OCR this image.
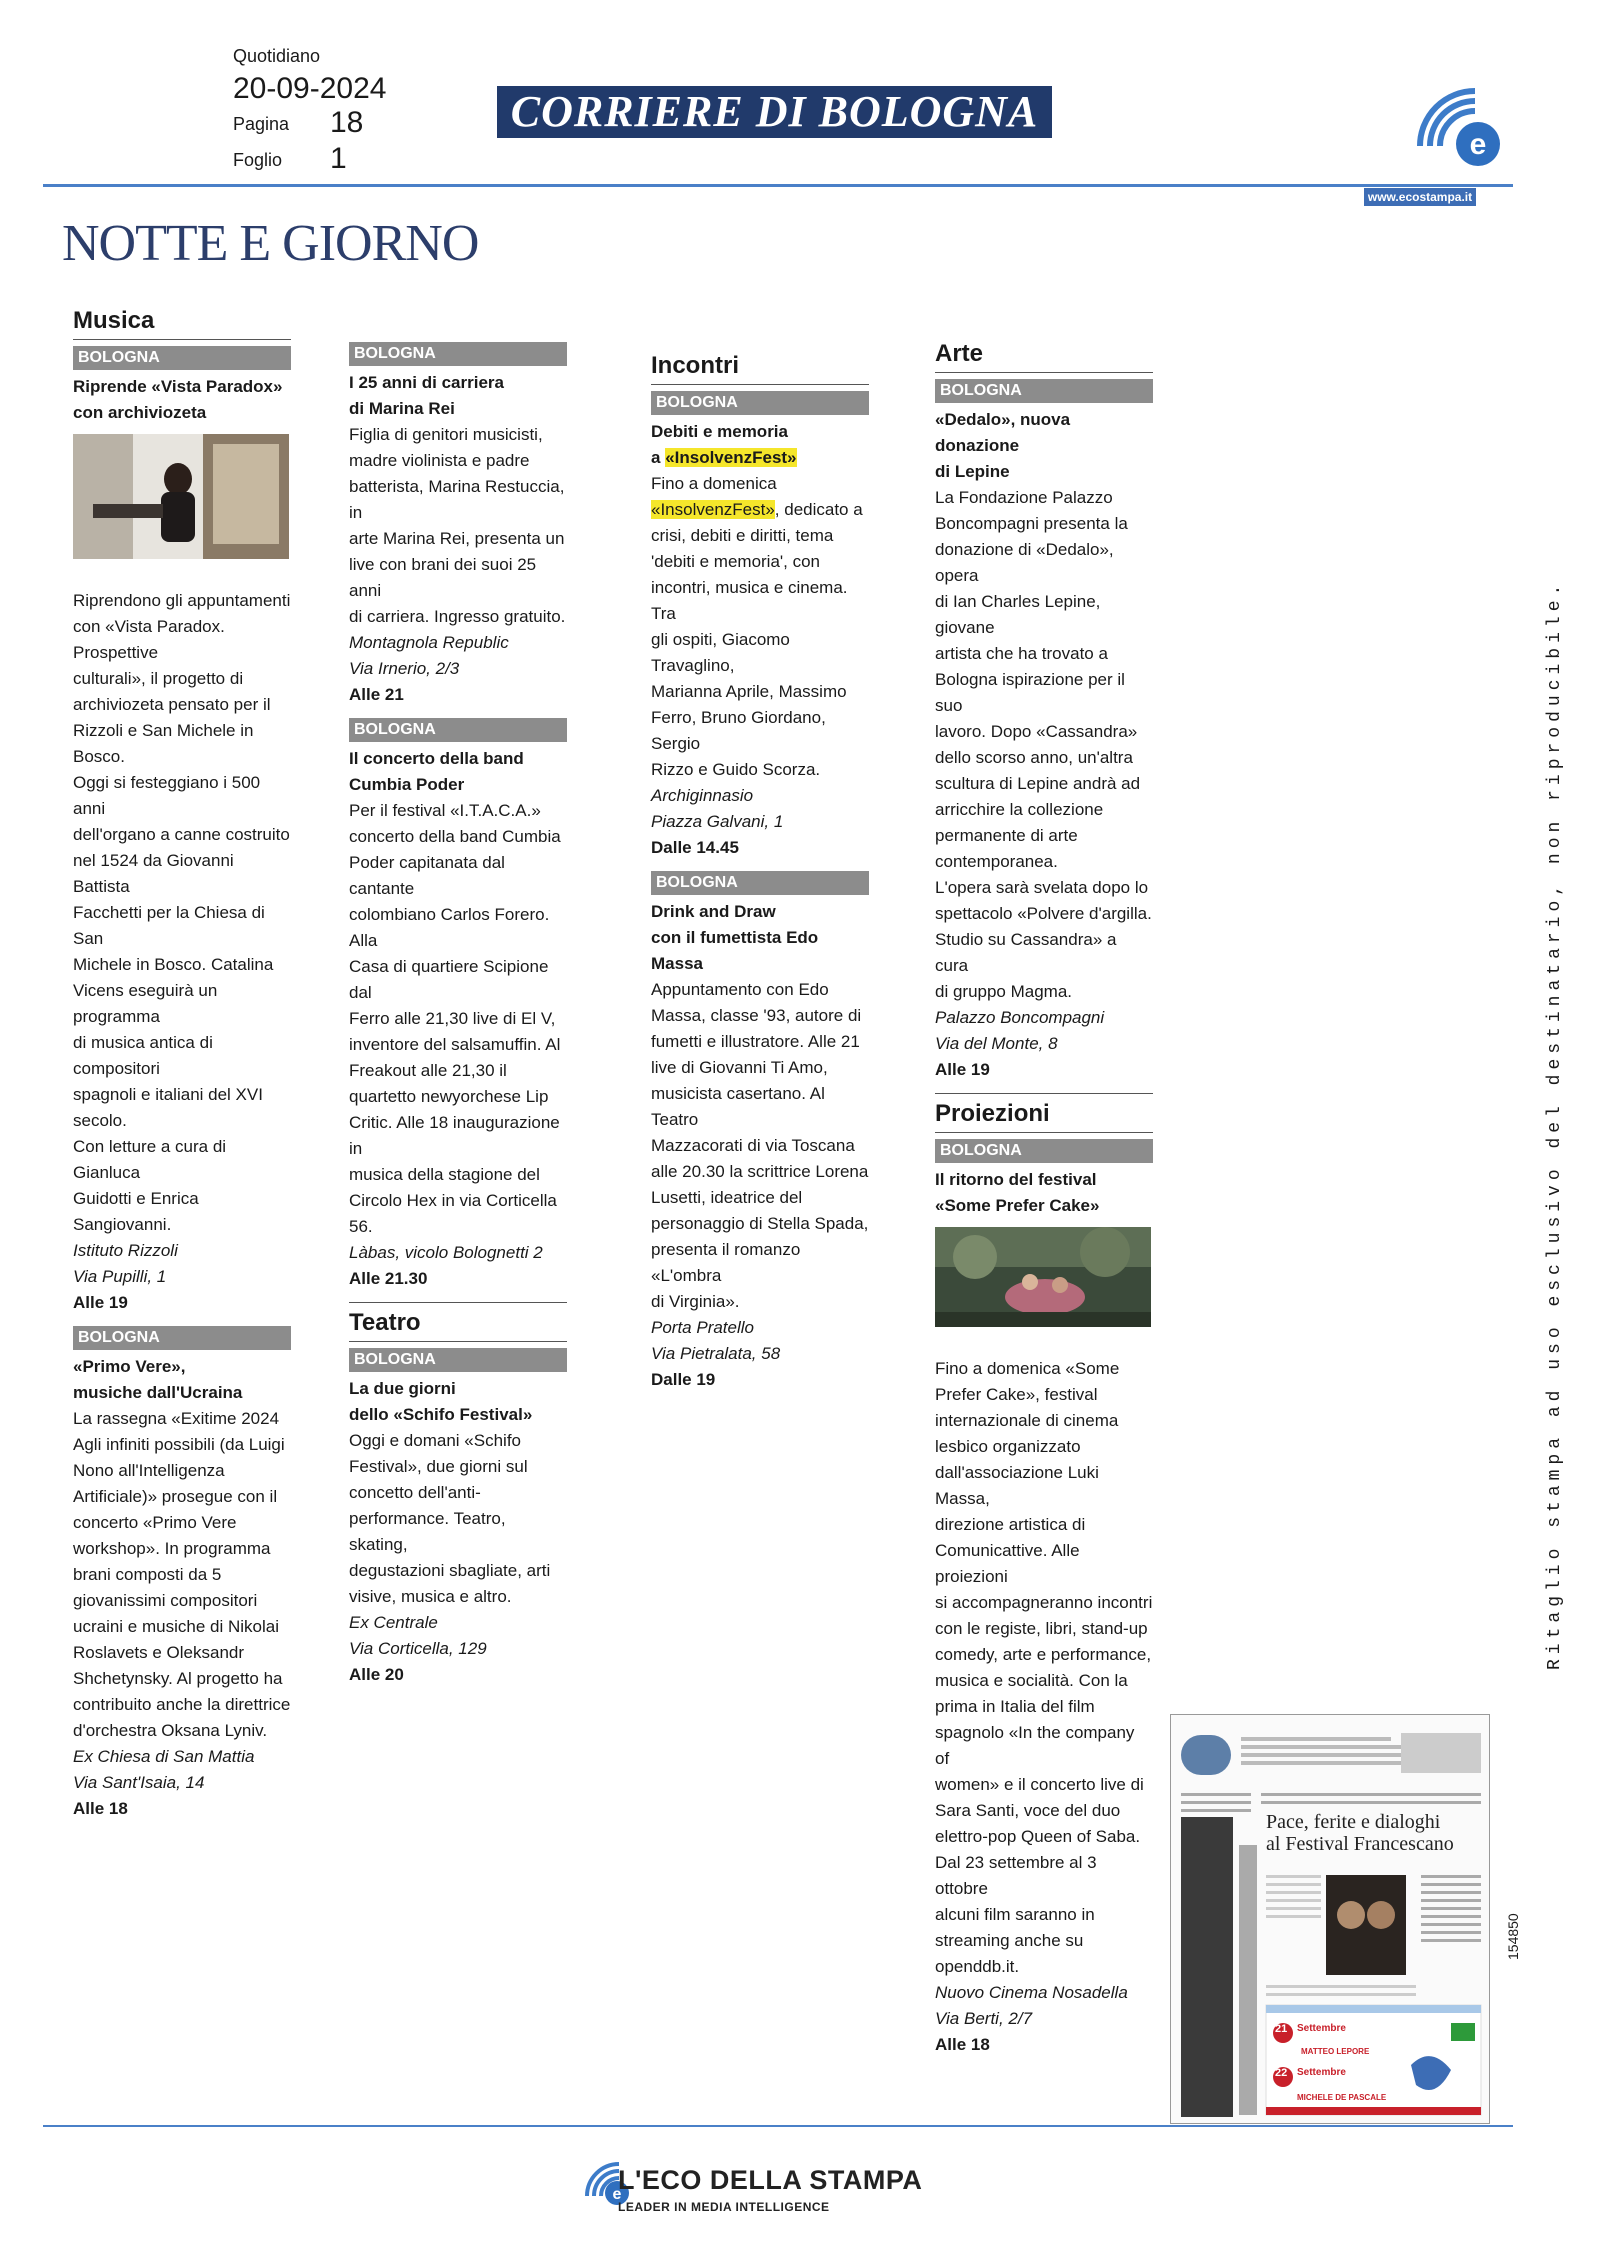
Quotidiano
20-09-2024
Pagina 18
Foglio 1
CORRIERE DI BOLOGNA
e
www.ecostampa.it
NOTTE E GIORNO
Musica
BOLOGNA
Riprende «Vista Paradox»
con archiviozeta
Riprendono gli appuntamenti
con «Vista Paradox. Prospettive
culturali», il progetto di
archiviozeta pensato per il
Rizzoli e San Michele in Bosco.
Oggi si festeggiano i 500 anni
dell'organo a canne costruito
nel 1524 da Giovanni Battista
Facchetti per la Chiesa di San
Michele in Bosco. Catalina
Vicens eseguirà un programma
di musica antica di compositori
spagnoli e italiani del XVI secolo.
Con letture a cura di Gianluca
Guidotti e Enrica Sangiovanni.
Istituto Rizzoli
Via Pupilli, 1
Alle 19
BOLOGNA
«Primo Vere»,
musiche dall'Ucraina
La rassegna «Exitime 2024
Agli infiniti possibili (da Luigi
Nono all'Intelligenza
Artificiale)» prosegue con il
concerto «Primo Vere
workshop». In programma
brani composti da 5
giovanissimi compositori
ucraini e musiche di Nikolai
Roslavets e Oleksandr
Shchetynsky. Al progetto ha
contribuito anche la direttrice
d'orchestra Oksana Lyniv.
Ex Chiesa di San Mattia
Via Sant'Isaia, 14
Alle 18
BOLOGNA
I 25 anni di carriera
di Marina Rei
Figlia di genitori musicisti,
madre violinista e padre
batterista, Marina Restuccia, in
arte Marina Rei, presenta un
live con brani dei suoi 25 anni
di carriera. Ingresso gratuito.
Montagnola Republic
Via Irnerio, 2/3
Alle 21
BOLOGNA
Il concerto della band
Cumbia Poder
Per il festival «I.T.A.C.A.»
concerto della band Cumbia
Poder capitanata dal cantante
colombiano Carlos Forero. Alla
Casa di quartiere Scipione dal
Ferro alle 21,30 live di El V,
inventore del salsamuffin. Al
Freakout alle 21,30 il
quartetto newyorchese Lip
Critic. Alle 18 inaugurazione in
musica della stagione del
Circolo Hex in via Corticella 56.
Làbas, vicolo Bolognetti 2
Alle 21.30
Teatro
BOLOGNA
La due giorni
dello «Schifo Festival»
Oggi e domani «Schifo
Festival», due giorni sul
concetto dell'anti-
performance. Teatro, skating,
degustazioni sbagliate, arti
visive, musica e altro.
Ex Centrale
Via Corticella, 129
Alle 20
Incontri
BOLOGNA
Debiti e memoria
a «InsolvenzFest»
Fino a domenica
«InsolvenzFest», dedicato a
crisi, debiti e diritti, tema
'debiti e memoria', con
incontri, musica e cinema. Tra
gli ospiti, Giacomo Travaglino,
Marianna Aprile, Massimo
Ferro, Bruno Giordano, Sergio
Rizzo e Guido Scorza.
Archiginnasio
Piazza Galvani, 1
Dalle 14.45
BOLOGNA
Drink and Draw
con il fumettista Edo Massa
Appuntamento con Edo
Massa, classe '93, autore di
fumetti e illustratore. Alle 21
live di Giovanni Ti Amo,
musicista casertano. Al Teatro
Mazzacorati di via Toscana
alle 20.30 la scrittrice Lorena
Lusetti, ideatrice del
personaggio di Stella Spada,
presenta il romanzo «L'ombra
di Virginia».
Porta Pratello
Via Pietralata, 58
Dalle 19
Arte
BOLOGNA
«Dedalo», nuova donazione
di Lepine
La Fondazione Palazzo
Boncompagni presenta la
donazione di «Dedalo», opera
di Ian Charles Lepine, giovane
artista che ha trovato a
Bologna ispirazione per il suo
lavoro. Dopo «Cassandra»
dello scorso anno, un'altra
scultura di Lepine andrà ad
arricchire la collezione
permanente di arte
contemporanea.
L'opera sarà svelata dopo lo
spettacolo «Polvere d'argilla.
Studio su Cassandra» a cura
di gruppo Magma.
Palazzo Boncompagni
Via del Monte, 8
Alle 19
Proiezioni
BOLOGNA
Il ritorno del festival
«Some Prefer Cake»
Fino a domenica «Some
Prefer Cake», festival
internazionale di cinema
lesbico organizzato
dall'associazione Luki Massa,
direzione artistica di
Comunicattive. Alle proiezioni
si accompagneranno incontri
con le registe, libri, stand-up
comedy, arte e performance,
musica e socialità. Con la
prima in Italia del film
spagnolo «In the company of
women» e il concerto live di
Sara Santi, voce del duo
elettro-pop Queen of Saba.
Dal 23 settembre al 3 ottobre
alcuni film saranno in
streaming anche su
openddb.it.
Nuovo Cinema Nosadella
Via Berti, 2/7
Alle 18
Pace, ferite e dialoghi
al Festival Francescano
21 Settembre
MATTEO LEPORE
22 Settembre
MICHELE DE PASCALE
Ritaglio stampa ad uso esclusivo del destinatario, non riproducibile.
154850
e
L'ECO DELLA STAMPA
LEADER IN MEDIA INTELLIGENCE
